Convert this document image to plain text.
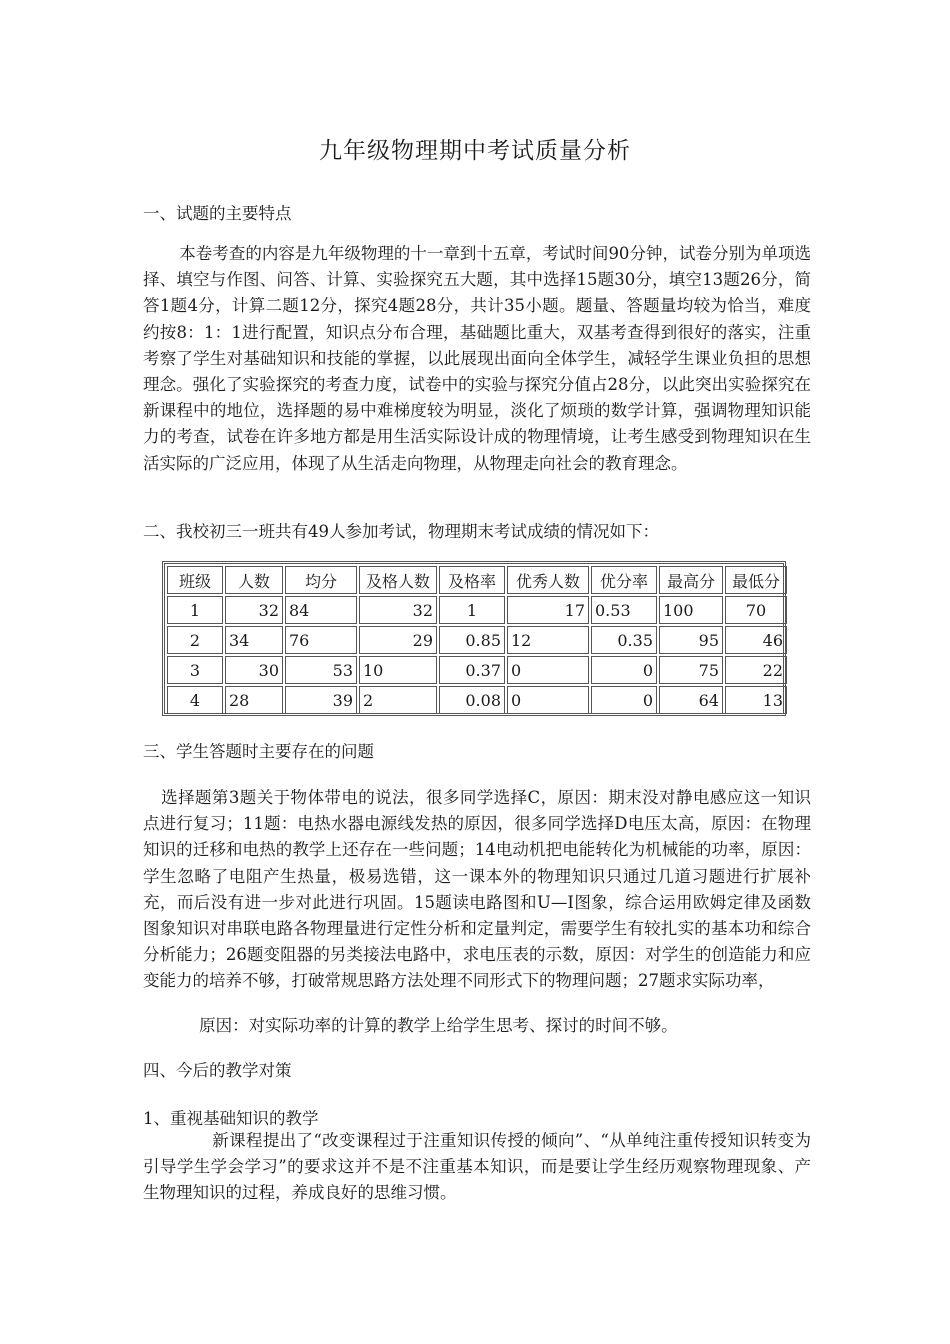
九年级物理期中考试质量分析
一、试题的主要特点
本卷考查的内容是九年级物理的十一章到十五章，考试时间90分钟，试卷分别为单项选择、填空与作图、问答、计算、实验探究五大题，其中选择15题30分，填空13题26分，简答1题4分，计算二题12分，探究4题28分，共计35小题。题量、答题量均较为恰当，难度约按8：1：1进行配置，知识点分布合理，基础题比重大，双基考查得到很好的落实，注重考察了学生对基础知识和技能的掌握，以此展现出面向全体学生，减轻学生课业负担的思想理念。强化了实验探究的考查力度，试卷中的实验与探究分值占28分，以此突出实验探究在新课程中的地位，选择题的易中难梯度较为明显，淡化了烦琐的数学计算，强调物理知识能力的考查，试卷在许多地方都是用生活实际设计成的物理情境，让考生感受到物理知识在生活实际的广泛应用，体现了从生活走向物理，从物理走向社会的教育理念。
二、我校初三一班共有49人参加考试，物理期末考试成绩的情况如下：
班级	人数	均分	及格人数	及格率	优秀人数	优分率	最高分	最低分
1	32	84	32	1	17	0.53	100	70
2	34	76	29	0.85	12	0.35	95	46
3	30	53	10	0.37	0	0	75	22
4	28	39	2	0.08	0	0	64	13
三、学生答题时主要存在的问题
选择题第3题关于物体带电的说法，很多同学选择C，原因：期末没对静电感应这一知识点进行复习；11题：电热水器电源线发热的原因，很多同学选择D电压太高，原因：在物理知识的迁移和电热的教学上还存在一些问题；14电动机把电能转化为机械能的功率，原因：学生忽略了电阻产生热量，极易选错，这一课本外的物理知识只通过几道习题进行扩展补充，而后没有进一步对此进行巩固。15题读电路图和U—I图象，综合运用欧姆定律及函数图象知识对串联电路各物理量进行定性分析和定量判定，需要学生有较扎实的基本功和综合分析能力；26题变阻器的另类接法电路中，求电压表的示数，原因：对学生的创造能力和应变能力的培养不够，打破常规思路方法处理不同形式下的物理问题；27题求实际功率，
原因：对实际功率的计算的教学上给学生思考、探讨的时间不够。
四、今后的教学对策
1、重视基础知识的教学
新课程提出了“改变课程过于注重知识传授的倾向”、“从单纯注重传授知识转变为引导学生学会学习”的要求这并不是不注重基本知识，而是要让学生经历观察物理现象、产生物理知识的过程，养成良好的思维习惯。
